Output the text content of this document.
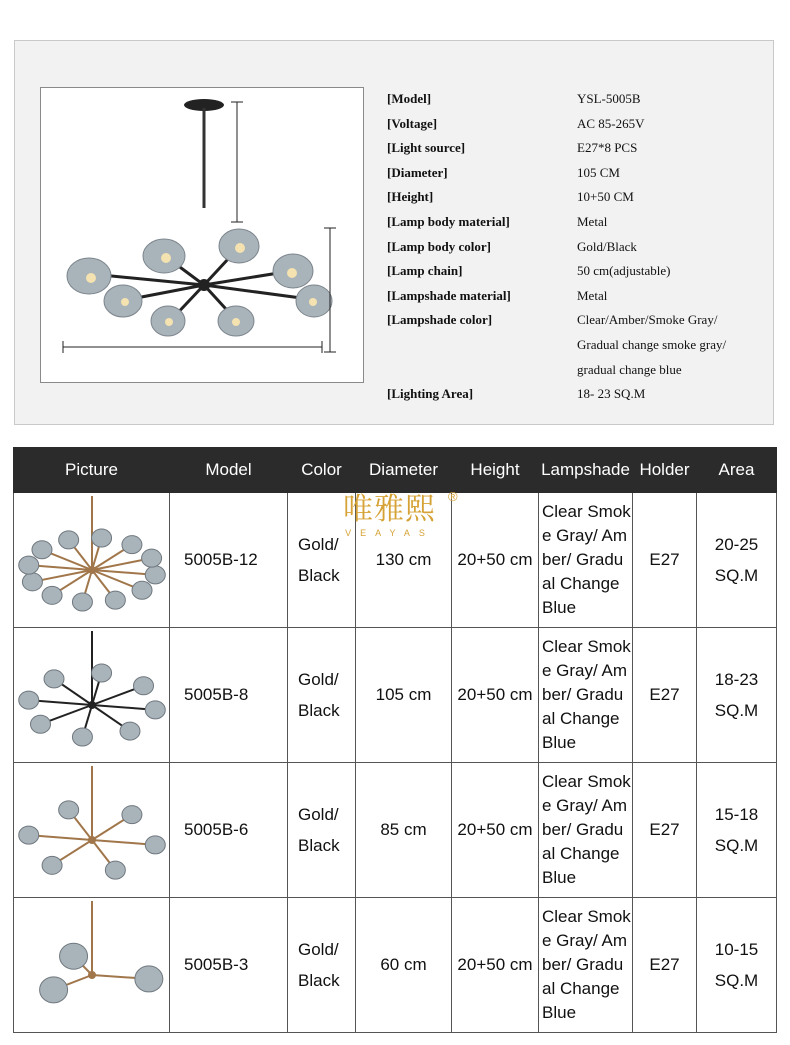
[Model]	YSL-5005B
[Voltage]	AC 85-265V
[Light source]	E27*8 PCS
[Diameter]	105 CM
[Height]	10+50 CM
[Lamp body material]	Metal
[Lamp body color]	Gold/Black
[Lamp chain]	50 cm(adjustable)
[Lampshade material]	Metal
[Lampshade color]	Clear/Amber/Smoke Gray/
Gradual change smoke gray/
gradual change blue
[Lighting Area]	18- 23 SQ.M
Picture	Model	Color	Diameter	Height	Lampshade	Holder	Area

	5005B-12	Gold/
Black	130 cm	20+50 cm	Clear Smoke Gray/ Amber/ Gradual Change Blue	E27	20-25
SQ.M

	5005B-8	Gold/
Black	105 cm	20+50 cm	Clear Smoke Gray/ Amber/ Gradual Change Blue	E27	18-23
SQ.M

	5005B-6	Gold/
Black	85 cm	20+50 cm	Clear Smoke Gray/ Amber/ Gradual Change Blue	E27	15-18
SQ.M

	5005B-3	Gold/
Black	60 cm	20+50 cm	Clear Smoke Gray/ Amber/ Gradual Change Blue	E27	10-15
SQ.M
唯雅熙 ®
VEAYAS
